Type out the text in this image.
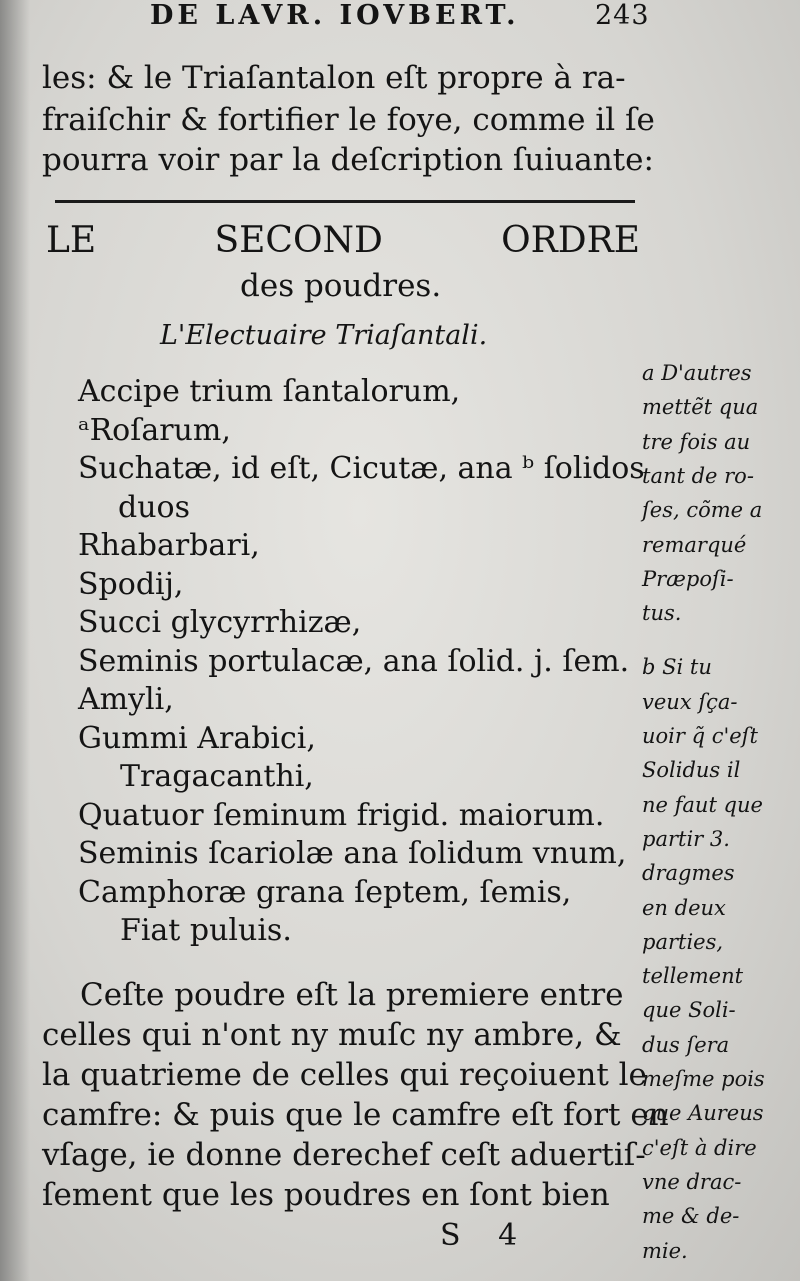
DE LAVR. IOVBERT.	243
les: & le Triaſantalon eſt propre à ra-
fraiſchir & fortifier le foye, comme il ſe
pourra voir par la deſcription ſuiuante:
LE	SECOND	ORDRE
des poudres.
L'Electuaire Triaſantali.
Accipe trium ſantalorum,
ᵃRoſarum,
Suchatæ, id eſt, Cicutæ, ana ᵇ ſolidos
duos
Rhabarbari,
Spodij,
Succi glycyrrhizæ,
Seminis portulacæ, ana ſolid. j. ſem.
Amyli,
Gummi Arabici,
Tragacanthi,
Quatuor ſeminum frigid. maiorum.
Seminis ſcariolæ ana ſolidum vnum,
Camphoræ grana ſeptem, ſemis,
Fiat puluis.
Ceſte poudre eſt la premiere entre
celles qui n'ont ny muſc ny ambre, &
la quatrieme de celles qui reçoiuent le
camfre: & puis que le camfre eſt fort en
vſage, ie donne derechef ceſt aduertiſ-
ſement que les poudres en ſont bien
a D'autres
mettẽt qua
tre fois au
tant de ro-
ſes, cõme a
remarqué
Præpoſi-
tus.
b Si tu
veux ſça-
uoir q̃ c'eſt
Solidus il
ne faut que
partir 3.
dragmes
en deux
parties,
tellement
que Soli-
dus ſera
meſme pois
que Aureus
c'eſt à dire
vne drac-
me & de-
mie.
S 4
